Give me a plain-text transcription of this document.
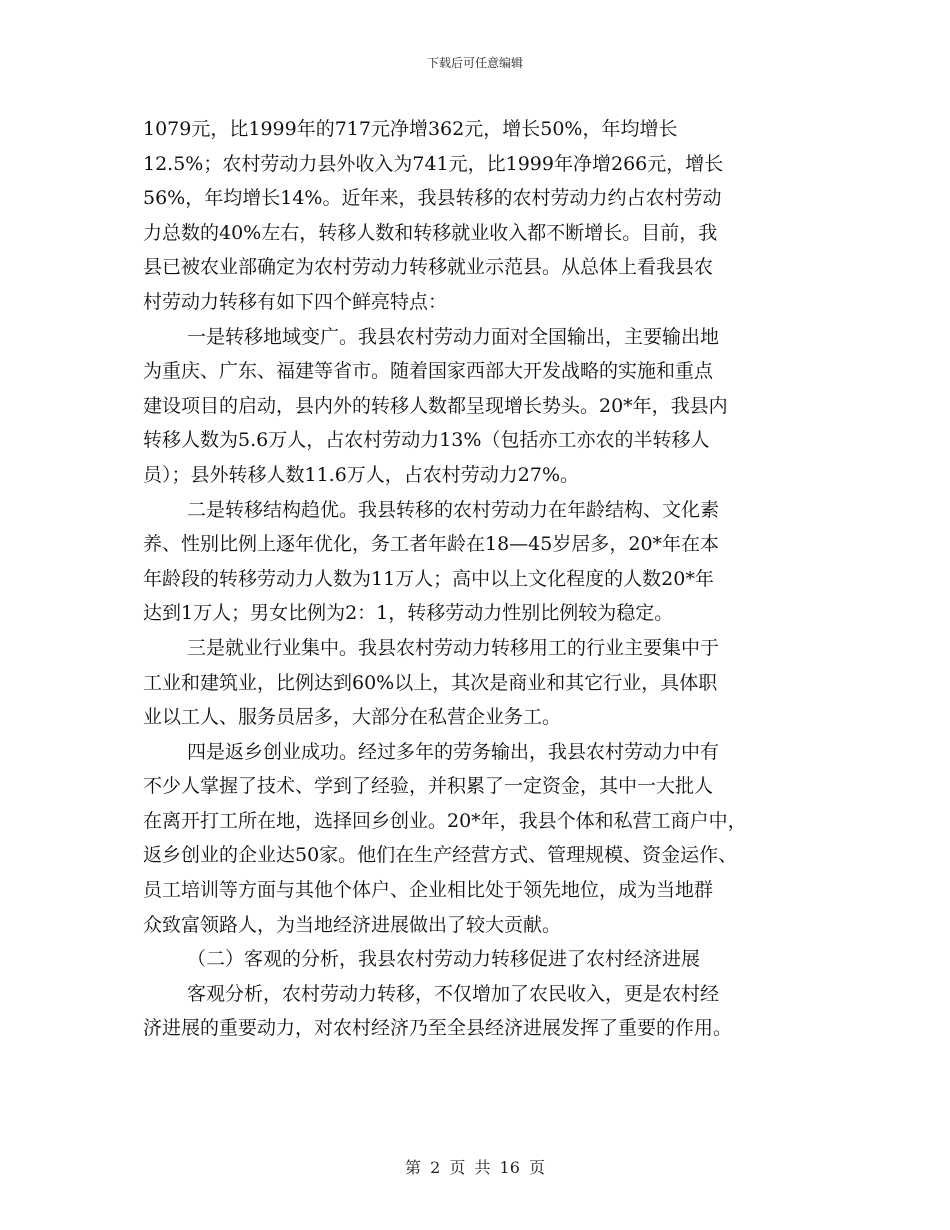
下载后可任意编辑
1079元，比1999年的717元净增362元，增长50%，年均增长
12.5%；农村劳动力县外收入为741元，比1999年净增266元，增长
56%，年均增长14%。近年来，我县转移的农村劳动力约占农村劳动
力总数的40%左右，转移人数和转移就业收入都不断增长。目前，我
县已被农业部确定为农村劳动力转移就业示范县。从总体上看我县农
村劳动力转移有如下四个鲜亮特点：
一是转移地域变广。我县农村劳动力面对全国输出，主要输出地
为重庆、广东、福建等省市。随着国家西部大开发战略的实施和重点
建设项目的启动，县内外的转移人数都呈现增长势头。20*年，我县内
转移人数为5.6万人，占农村劳动力13%（包括亦工亦农的半转移人
员）；县外转移人数11.6万人，占农村劳动力27%。
二是转移结构趋优。我县转移的农村劳动力在年龄结构、文化素
养、性别比例上逐年优化，务工者年龄在18—45岁居多，20*年在本
年龄段的转移劳动力人数为11万人；高中以上文化程度的人数20*年
达到1万人；男女比例为2：1，转移劳动力性别比例较为稳定。
三是就业行业集中。我县农村劳动力转移用工的行业主要集中于
工业和建筑业，比例达到60%以上，其次是商业和其它行业，具体职
业以工人、服务员居多，大部分在私营企业务工。
四是返乡创业成功。经过多年的劳务输出，我县农村劳动力中有
不少人掌握了技术、学到了经验，并积累了一定资金，其中一大批人
在离开打工所在地，选择回乡创业。20*年，我县个体和私营工商户中，
返乡创业的企业达50家。他们在生产经营方式、管理规模、资金运作、
员工培训等方面与其他个体户、企业相比处于领先地位，成为当地群
众致富领路人，为当地经济进展做出了较大贡献。
（二）客观的分析，我县农村劳动力转移促进了农村经济进展
客观分析，农村劳动力转移，不仅增加了农民收入，更是农村经
济进展的重要动力，对农村经济乃至全县经济进展发挥了重要的作用。
第 2 页 共 16 页
